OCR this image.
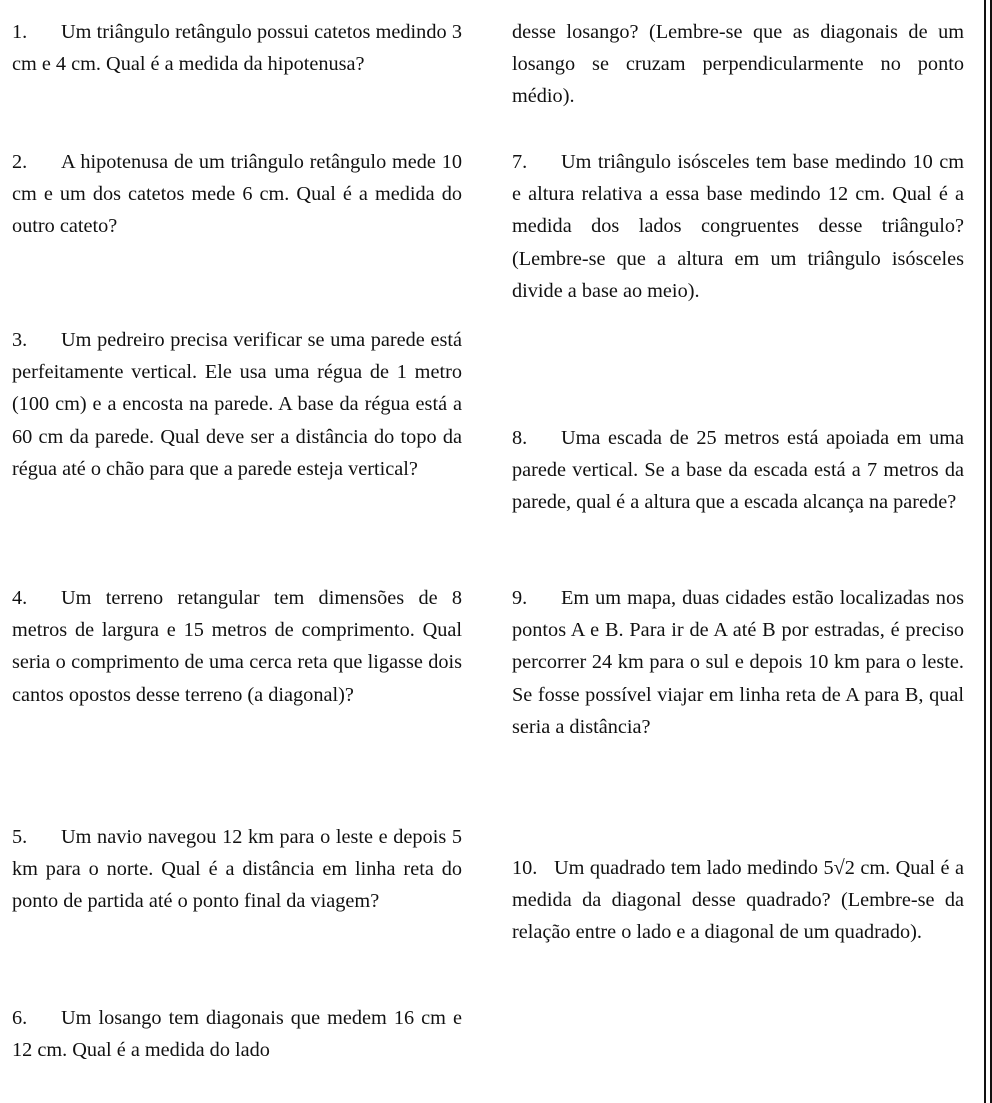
1. Um triângulo retângulo possui catetos medindo 3 cm e 4 cm. Qual é a medida da hipotenusa?

2. A hipotenusa de um triângulo retângulo mede 10 cm e um dos catetos mede 6 cm. Qual é a medida do outro cateto?

3. Um pedreiro precisa verificar se uma parede está perfeitamente vertical. Ele usa uma régua de 1 metro (100 cm) e a encosta na parede. A base da régua está a 60 cm da parede. Qual deve ser a distância do topo da régua até o chão para que a parede esteja vertical?

4. Um terreno retangular tem dimensões de 8 metros de largura e 15 metros de comprimento. Qual seria o comprimento de uma cerca reta que ligasse dois cantos opostos desse terreno (a diagonal)?

5. Um navio navegou 12 km para o leste e depois 5 km para o norte. Qual é a distância em linha reta do ponto de partida até o ponto final da viagem?

6. Um losango tem diagonais que medem 16 cm e 12 cm. Qual é a medida do lado

desse losango? (Lembre-se que as diagonais de um losango se cruzam perpendicularmente no ponto médio).

7. Um triângulo isósceles tem base medindo 10 cm e altura relativa a essa base medindo 12 cm. Qual é a medida dos lados congruentes desse triângulo? (Lembre-se que a altura em um triângulo isósceles divide a base ao meio).

8. Uma escada de 25 metros está apoiada em uma parede vertical. Se a base da escada está a 7 metros da parede, qual é a altura que a escada alcança na parede?

9. Em um mapa, duas cidades estão localizadas nos pontos A e B. Para ir de A até B por estradas, é preciso percorrer 24 km para o sul e depois 10 km para o leste. Se fosse possível viajar em linha reta de A para B, qual seria a distância?

10. Um quadrado tem lado medindo 5√2 cm. Qual é a medida da diagonal desse quadrado? (Lembre-se da relação entre o lado e a diagonal de um quadrado).
